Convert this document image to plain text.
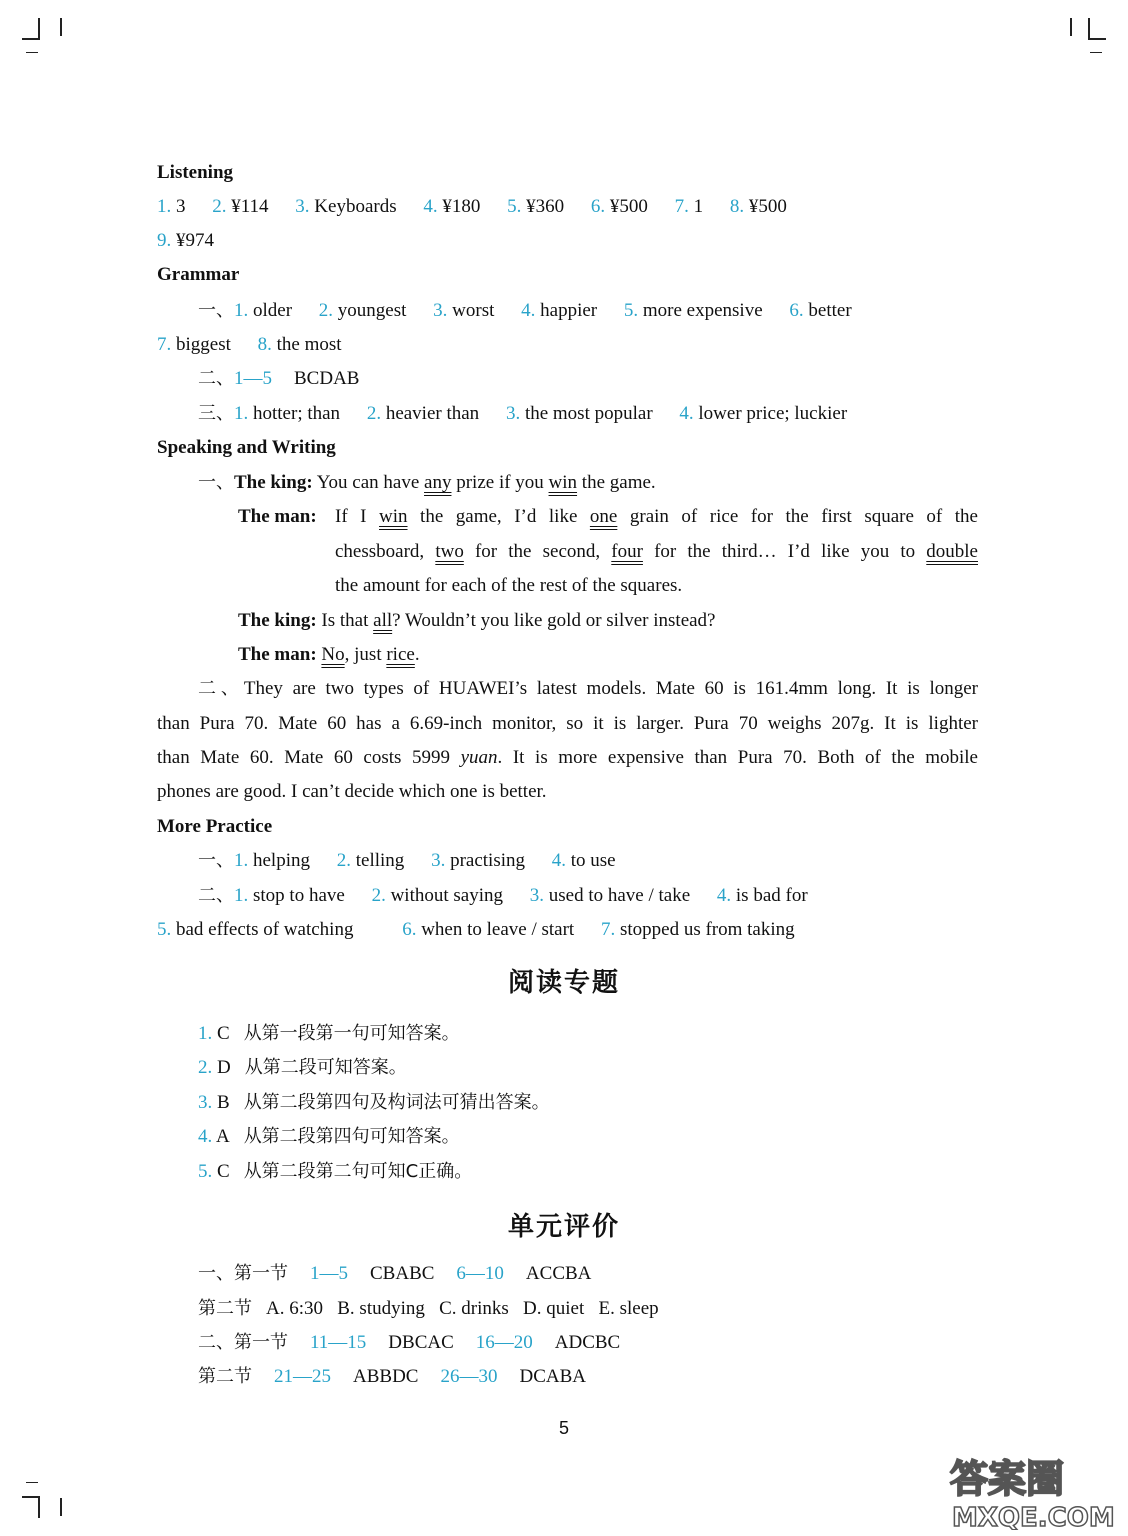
Listening
1. 3 2. ¥114 3. Keyboards 4. ¥180 5. ¥360 6. ¥500 7. 1 8. ¥500
9. ¥974
Grammar
一、1. older 2. youngest 3. worst 4. happier 5. more expensive 6. better
7. biggest 8. the most
二、1—5 BCDAB
三、1. hotter; than 2. heavier than 3. the most popular 4. lower price; luckier
Speaking and Writing
一、The king: You can have any prize if you win the game.
The man: If I win the game, I’d like one grain of rice for the first square of the
chessboard, two for the second, four for the third… I’d like you to double
the amount for each of the rest of the squares.
The king: Is that all? Wouldn’t you like gold or silver instead?
The man: No, just rice.
二、They are two types of HUAWEI’s latest models. Mate 60 is 161.4mm long. It is longer
than Pura 70. Mate 60 has a 6.69-inch monitor, so it is larger. Pura 70 weighs 207g. It is lighter
than Mate 60. Mate 60 costs 5999 yuan. It is more expensive than Pura 70. Both of the mobile
phones are good. I can’t decide which one is better.
More Practice
一、1. helping 2. telling 3. practising 4. to use
二、1. stop to have 2. without saying 3. used to have / take 4. is bad for
5. bad effects of watching	6. when to leave / start 7. stopped us from taking
阅读专题
1. C 从第一段第一句可知答案。
2. D 从第二段可知答案。
3. B 从第二段第四句及构词法可猜出答案。
4. A 从第二段第四句可知答案。
5. C 从第二段第二句可知C正确。
单元评价
一、第一节 1—5 CBABC 6—10 ACCBA
第二节 A. 6:30   B. studying   C. drinks   D. quiet   E. sleep
二、第一节 11—15 DBCAC 16—20 ADCBC
第二节 21—25 ABBDC 26—30 DCABA
5
答案圈
MXQE.COM
